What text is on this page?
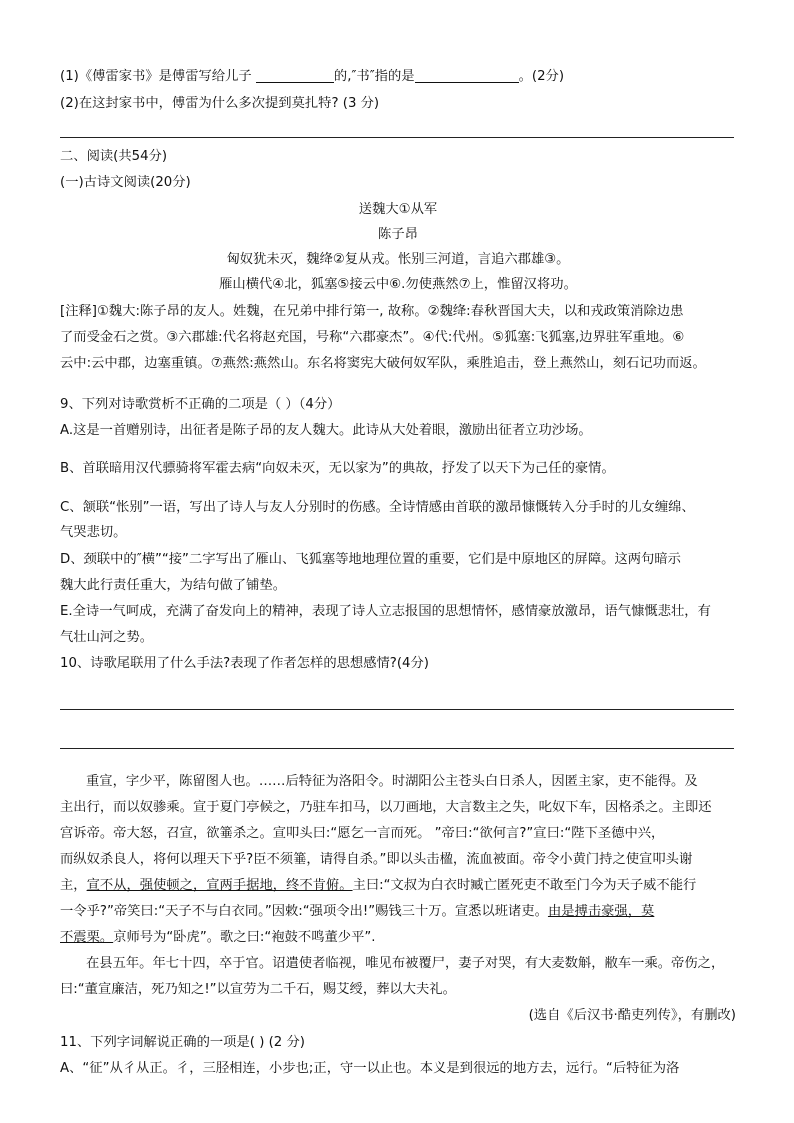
(1)《傅雷家书》是傅雷写给儿子	的,″书″指的是	。(2分)
(2)在这封家书中，傅雷为什么多次提到莫扎特? (3 分)
二、阅读(共54分)
(一)古诗文阅读(20分)
送魏大①从军
陈子昂
匈奴犹未灭，魏绛②复从戎。怅别三河道，言追六郡雄③。
雁山横代④北，狐塞⑤接云中⑥.勿使燕然⑦上，惟留汉将功。
[注释]①魏大:陈子昂的友人。姓魏，在兄弟中排行第一, 故称。②魏绛:春秋晋国大夫，以和戎政策消除边患
了而受金石之赏。③六郡雄:代名将赵充国，号称“六郡豪杰”。④代:代州。⑤狐塞:飞狐塞,边界驻军重地。⑥
云中:云中郡，边塞重镇。⑦燕然:燕然山。东名将窦宪大破何奴军队，乘胜追击，登上燕然山，刻石记功而返。
9、下列对诗歌赏析不正确的二项是（ ）（4分）
A.这是一首赠别诗，出征者是陈子昂的友人魏大。此诗从大处着眼，激励出征者立功沙场。
B、首联暗用汉代骠骑将军霍去病“向奴未灭，无以家为”的典故，抒发了以天下为己任的豪情。
C、颔联“怅别”一语，写出了诗人与友人分别时的伤感。全诗情感由首联的激昂慷慨转入分手时的儿女缠绵、
气哭悲切。
D、颈联中的″横”“接”二字写出了雁山、飞狐塞等地地理位置的重要，它们是中原地区的屏障。这两句暗示
魏大此行责任重大，为结句做了铺垫。
E.全诗一气呵成，充满了奋发向上的精神，表现了诗人立志报国的思想情怀，感情豪放激昂，语气慷慨悲壮，有
气壮山河之势。
10、诗歌尾联用了什么手法?表现了作者怎样的思想感情?(4分)
重宣，字少平，陈留图人也。……后特征为洛阳令。时湖阳公主苍头白日杀人，因匿主家，吏不能得。及
主出行，而以奴骖乘。宣于夏门亭候之，乃驻车扣马，以刀画地，大言数主之失，叱奴下车，因格杀之。主即还
宫诉帝。帝大怒，召宣，欲箠杀之。宣叩头曰:“愿乞一言而死。 ”帝曰:“欲何言?”宣曰:“陛下圣德中兴，
而纵奴杀良人，将何以理天下乎?臣不须箠，请得自杀。”即以头击楹，流血被面。帝令小黄门持之使宣叩头谢
主，宣不从，强使顿之，宣两手据地，终不肯俯。主曰:“文叔为白衣时臧亡匿死吏不敢至门今为天子威不能行
一令乎?”帝笑曰:“天子不与白衣同。”因敕:“强项令出!”赐钱三十万。宣悉以班诸吏。由是搏击豪强，莫
不震栗。京师号为“卧虎”。歌之曰:“袍鼓不鸣董少平”.
在县五年。年七十四，卒于官。诏遣使者临视，唯见布被覆尸，妻子对哭，有大麦数斛，敝车一乘。帝伤之，
曰:“董宣廉洁，死乃知之!”以宣劳为二千石，赐艾绶，葬以大夫礼。
(选自《后汉书·酷吏列传》，有删改)
11、下列字词解说正确的一项是( ) (2 分)
A、“征”从彳从正。彳，三胫相连，小步也;正，守一以止也。本义是到很远的地方去，远行。“后特征为洛
